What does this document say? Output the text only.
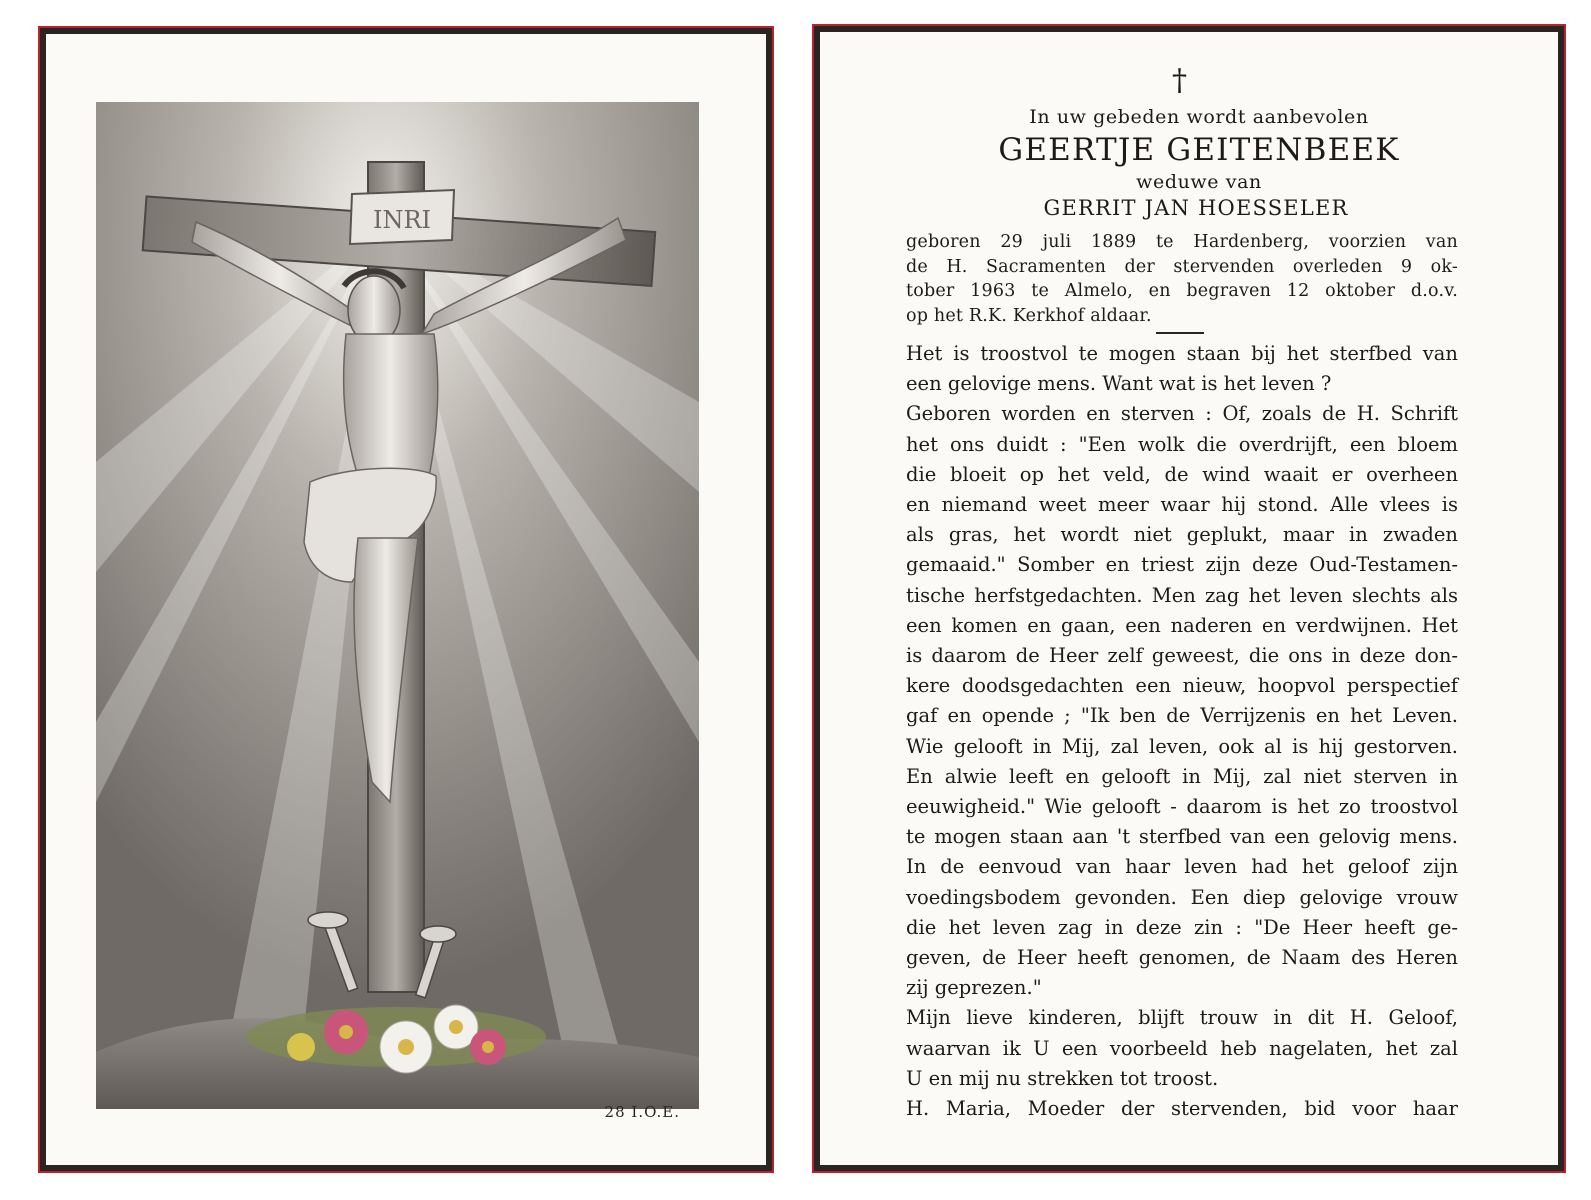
INRI
28 I.O.E.
†
In uw gebeden wordt aanbevolen
GEERTJE GEITENBEEK
weduwe van
GERRIT JAN HOESSELER
geboren 29 juli 1889 te Hardenberg, voorzien van
de H. Sacramenten der stervenden overleden 9 ok-
tober 1963 te Almelo, en begraven 12 oktober d.o.v.
op het R.K. Kerkhof aldaar.
Het is troostvol te mogen staan bij het sterfbed van
een gelovige mens. Want wat is het leven ?
Geboren worden en sterven : Of, zoals de H. Schrift
het ons duidt : "Een wolk die overdrijft, een bloem
die bloeit op het veld, de wind waait er overheen
en niemand weet meer waar hij stond. Alle vlees is
als gras, het wordt niet geplukt, maar in zwaden
gemaaid." Somber en triest zijn deze Oud-Testamen-
tische herfstgedachten. Men zag het leven slechts als
een komen en gaan, een naderen en verdwijnen. Het
is daarom de Heer zelf geweest, die ons in deze don-
kere doodsgedachten een nieuw, hoopvol perspectief
gaf en opende ; "Ik ben de Verrijzenis en het Leven.
Wie gelooft in Mij, zal leven, ook al is hij gestorven.
En alwie leeft en gelooft in Mij, zal niet sterven in
eeuwigheid." Wie gelooft - daarom is het zo troostvol
te mogen staan aan 't sterfbed van een gelovig mens.
In de eenvoud van haar leven had het geloof zijn
voedingsbodem gevonden. Een diep gelovige vrouw
die het leven zag in deze zin : "De Heer heeft ge-
geven, de Heer heeft genomen, de Naam des Heren
zij geprezen."
Mijn lieve kinderen, blijft trouw in dit H. Geloof,
waarvan ik U een voorbeeld heb nagelaten, het zal
U en mij nu strekken tot troost.
H. Maria, Moeder der stervenden, bid voor haar
